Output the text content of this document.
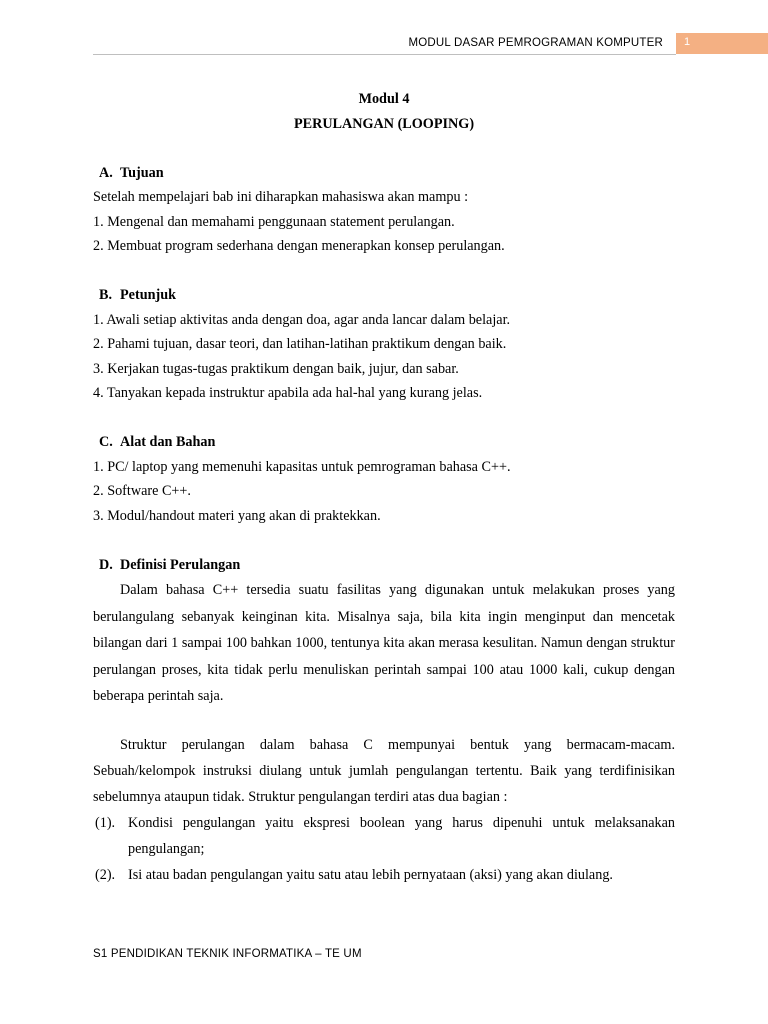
MODUL DASAR PEMROGRAMAN KOMPUTER 1
Modul 4
PERULANGAN (LOOPING)
A. Tujuan
Setelah mempelajari bab ini diharapkan mahasiswa akan mampu :
1. Mengenal dan memahami penggunaan statement perulangan.
2. Membuat program sederhana dengan menerapkan konsep perulangan.
B. Petunjuk
1. Awali setiap aktivitas anda dengan doa, agar anda lancar dalam belajar.
2. Pahami tujuan, dasar teori, dan latihan-latihan praktikum dengan baik.
3. Kerjakan tugas-tugas praktikum dengan baik, jujur, dan sabar.
4. Tanyakan kepada instruktur apabila ada hal-hal yang kurang jelas.
C. Alat dan Bahan
1. PC/ laptop yang memenuhi kapasitas untuk pemrograman bahasa C++.
2. Software C++.
3. Modul/handout materi yang akan di praktekkan.
D. Definisi Perulangan
Dalam bahasa C++ tersedia suatu fasilitas yang digunakan untuk melakukan proses yang berulangulang sebanyak keinginan kita. Misalnya saja, bila kita ingin menginput dan mencetak bilangan dari 1 sampai 100 bahkan 1000, tentunya kita akan merasa kesulitan. Namun dengan struktur perulangan proses, kita tidak perlu menuliskan perintah sampai 100 atau 1000 kali, cukup dengan beberapa perintah saja.
Struktur perulangan dalam bahasa C mempunyai bentuk yang bermacam-macam. Sebuah/kelompok instruksi diulang untuk jumlah pengulangan tertentu. Baik yang terdifinisikan sebelumnya ataupun tidak. Struktur pengulangan terdiri atas dua bagian :
(1). Kondisi pengulangan yaitu ekspresi boolean yang harus dipenuhi untuk melaksanakan pengulangan;
(2). Isi atau badan pengulangan yaitu satu atau lebih pernyataan (aksi) yang akan diulang.
S1 PENDIDIKAN TEKNIK INFORMATIKA – TE UM
